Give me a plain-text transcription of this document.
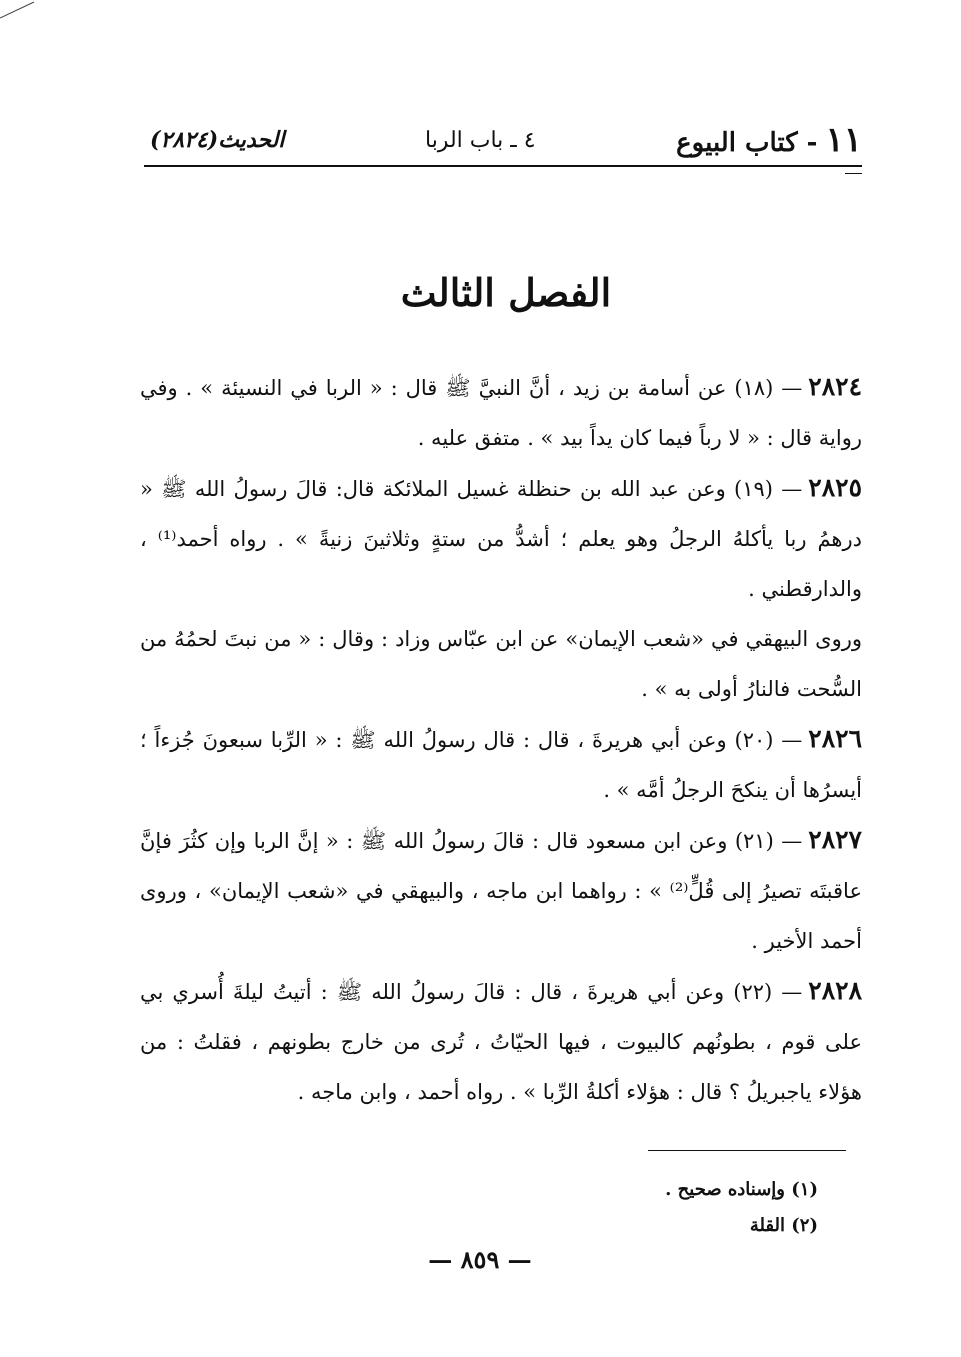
١١
- كتاب البيوع
٤ ـ باب الربا
الحديث(٢٨٢٤)
الفصل الثالث

٢٨٢٤— (١٨) عن أسامة بن زيد ، أنَّ النبيَّ ﷺ قال : « الربا في النسيئة » . وفي رواية قال : « لا رباً فيما كان يداً بيد » . متفق عليه .

٢٨٢٥— (١٩) وعن عبد الله بن حنظلة غسيل الملائكة قال: قالَ رسولُ الله ﷺ « درهمُ ربا يأكلهُ الرجلُ وهو يعلم ؛ أشدُّ من ستةٍ وثلاثينَ زنيةً » . رواه أحمد⁽¹⁾ ، والدارقطني .

وروى البيهقي في «شعب الإيمان» عن ابن عبّاس وزاد : وقال : « من نبتَ لحمُهُ من السُّحت فالنارُ أولى به » .

٢٨٢٦— (٢٠) وعن أبي هريرةَ ، قال : قال رسولُ الله ﷺ : « الرِّبا سبعونَ جُزءاً ؛ أيسرُها أن ينكحَ الرجلُ أمَّه » .

٢٨٢٧— (٢١) وعن ابن مسعود قال : قالَ رسولُ الله ﷺ : « إنَّ الربا وإن كثُرَ فإنَّ عاقبتَه تصيرُ إلى قُلٍّ⁽²⁾ » : رواهما ابن ماجه ، والبيهقي في «شعب الإيمان» ، وروى أحمد الأخير .

٢٨٢٨— (٢٢) وعن أبي هريرةَ ، قال : قالَ رسولُ الله ﷺ : أتيتُ ليلةَ أُسري بي على قوم ، بطونُهم كالبيوت ، فيها الحيّاتُ ، تُرى من خارج بطونهم ، فقلتُ : من هؤلاء ياجبريلُ ؟ قال : هؤلاء أكلةُ الرِّبا » . رواه أحمد ، وابن ماجه .

(١) وإسناده صحيح .
(٢) القلة
— ٨٥٩ —
